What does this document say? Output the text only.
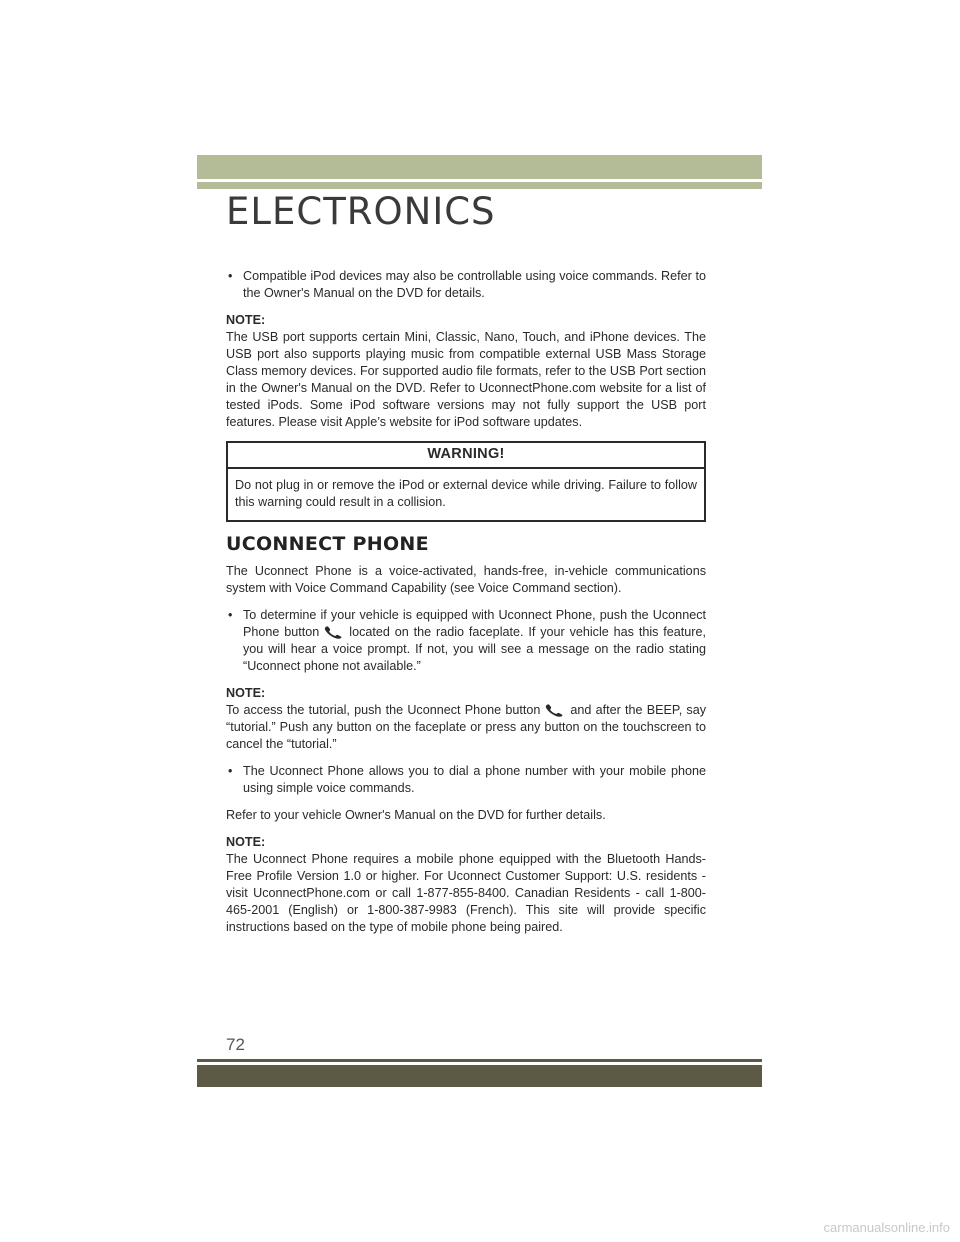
ELECTRONICS
• Compatible iPod devices may also be controllable using voice commands. Refer to the Owner's Manual on the DVD for details.

NOTE:

The USB port supports certain Mini, Classic, Nano, Touch, and iPhone devices. The USB port also supports playing music from compatible external USB Mass Storage Class memory devices. For supported audio file formats, refer to the USB Port section in the Owner's Manual on the DVD. Refer to UconnectPhone.com website for a list of tested iPods. Some iPod software versions may not fully support the USB port features. Please visit Apple’s website for iPod software updates.

WARNING!
Do not plug in or remove the iPod or external device while driving. Failure to follow this warning could result in a collision.
UCONNECT PHONE

The Uconnect Phone is a voice-activated, hands-free, in-vehicle communications system with Voice Command Capability (see Voice Command section).

• To determine if your vehicle is equipped with Uconnect Phone, push the Uconnect Phone button located on the radio faceplate. If your vehicle has this feature, you will hear a voice prompt. If not, you will see a message on the radio stating “Uconnect phone not available.”

NOTE:

To access the tutorial, push the Uconnect Phone button and after the BEEP, say “tutorial.” Push any button on the faceplate or press any button on the touchscreen to cancel the “tutorial.”

• The Uconnect Phone allows you to dial a phone number with your mobile phone using simple voice commands.

Refer to your vehicle Owner's Manual on the DVD for further details.

NOTE:

The Uconnect Phone requires a mobile phone equipped with the Bluetooth Hands-Free Profile Version 1.0 or higher. For Uconnect Customer Support: U.S. residents - visit UconnectPhone.com or call 1-877-855-8400. Canadian Residents - call 1-800-465-2001 (English) or 1-800-387-9983 (French). This site will provide specific instructions based on the type of mobile phone being paired.

72
carmanualsonline.info
